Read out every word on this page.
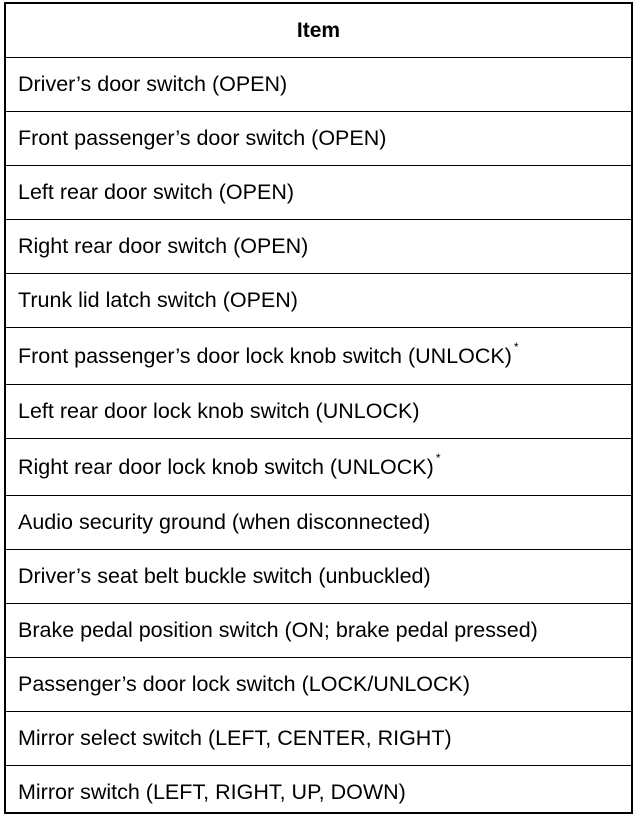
Item
Driver’s door switch (OPEN)
Front passenger’s door switch (OPEN)
Left rear door switch (OPEN)
Right rear door switch (OPEN)
Trunk lid latch switch (OPEN)
Front passenger’s door lock knob switch (UNLOCK) *
Left rear door lock knob switch (UNLOCK)
Right rear door lock knob switch (UNLOCK) *
Audio security ground (when disconnected)
Driver’s seat belt buckle switch (unbuckled)
Brake pedal position switch (ON; brake pedal pressed)
Passenger’s door lock switch (LOCK/UNLOCK)
Mirror select switch (LEFT, CENTER, RIGHT)
Mirror switch (LEFT, RIGHT, UP, DOWN)
